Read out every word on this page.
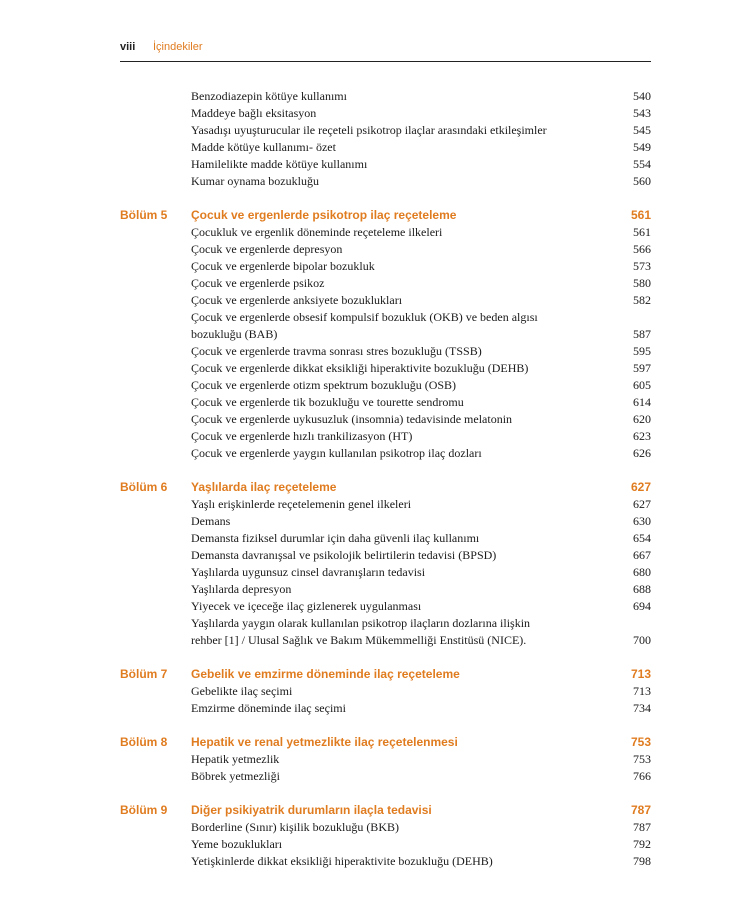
viii İçindekiler
Benzodiazepin kötüye kullanımı	540
Maddeye bağlı eksitasyon	543
Yasadışı uyuşturucular ile reçeteli psikotrop ilaçlar arasındaki etkileşimler	545
Madde kötüye kullanımı- özet	549
Hamilelikte madde kötüye kullanımı	554
Kumar oynama bozukluğu	560
Bölüm 5 Çocuk ve ergenlerde psikotrop ilaç reçeteleme	561
Çocukluk ve ergenlik döneminde reçeteleme ilkeleri	561
Çocuk ve ergenlerde depresyon	566
Çocuk ve ergenlerde bipolar bozukluk	573
Çocuk ve ergenlerde psikoz	580
Çocuk ve ergenlerde anksiyete bozuklukları	582
Çocuk ve ergenlerde obsesif kompulsif bozukluk (OKB) ve beden algısı
bozukluğu (BAB)	587
Çocuk ve ergenlerde travma sonrası stres bozukluğu (TSSB)	595
Çocuk ve ergenlerde dikkat eksikliği hiperaktivite bozukluğu (DEHB)	597
Çocuk ve ergenlerde otizm spektrum bozukluğu (OSB)	605
Çocuk ve ergenlerde tik bozukluğu ve tourette sendromu	614
Çocuk ve ergenlerde uykusuzluk (insomnia) tedavisinde melatonin	620
Çocuk ve ergenlerde hızlı trankilizasyon (HT)	623
Çocuk ve ergenlerde yaygın kullanılan psikotrop ilaç dozları	626
Bölüm 6 Yaşlılarda ilaç reçeteleme	627
Yaşlı erişkinlerde reçetelemenin genel ilkeleri	627
Demans	630
Demansta fiziksel durumlar için daha güvenli ilaç kullanımı	654
Demansta davranışsal ve psikolojik belirtilerin tedavisi (BPSD)	667
Yaşlılarda uygunsuz cinsel davranışların tedavisi	680
Yaşlılarda depresyon	688
Yiyecek ve içeceğe ilaç gizlenerek uygulanması	694
Yaşlılarda yaygın olarak kullanılan psikotrop ilaçların dozlarına ilişkin
rehber [1] / Ulusal Sağlık ve Bakım Mükemmelliği Enstitüsü (NICE).	700
Bölüm 7 Gebelik ve emzirme döneminde ilaç reçeteleme	713
Gebelikte ilaç seçimi	713
Emzirme döneminde ilaç seçimi	734
Bölüm 8 Hepatik ve renal yetmezlikte ilaç reçetelenmesi	753
Hepatik yetmezlik	753
Böbrek yetmezliği	766
Bölüm 9 Diğer psikiyatrik durumların ilaçla tedavisi	787
Borderline (Sınır) kişilik bozukluğu (BKB)	787
Yeme bozuklukları	792
Yetişkinlerde dikkat eksikliği hiperaktivite bozukluğu (DEHB)	798
